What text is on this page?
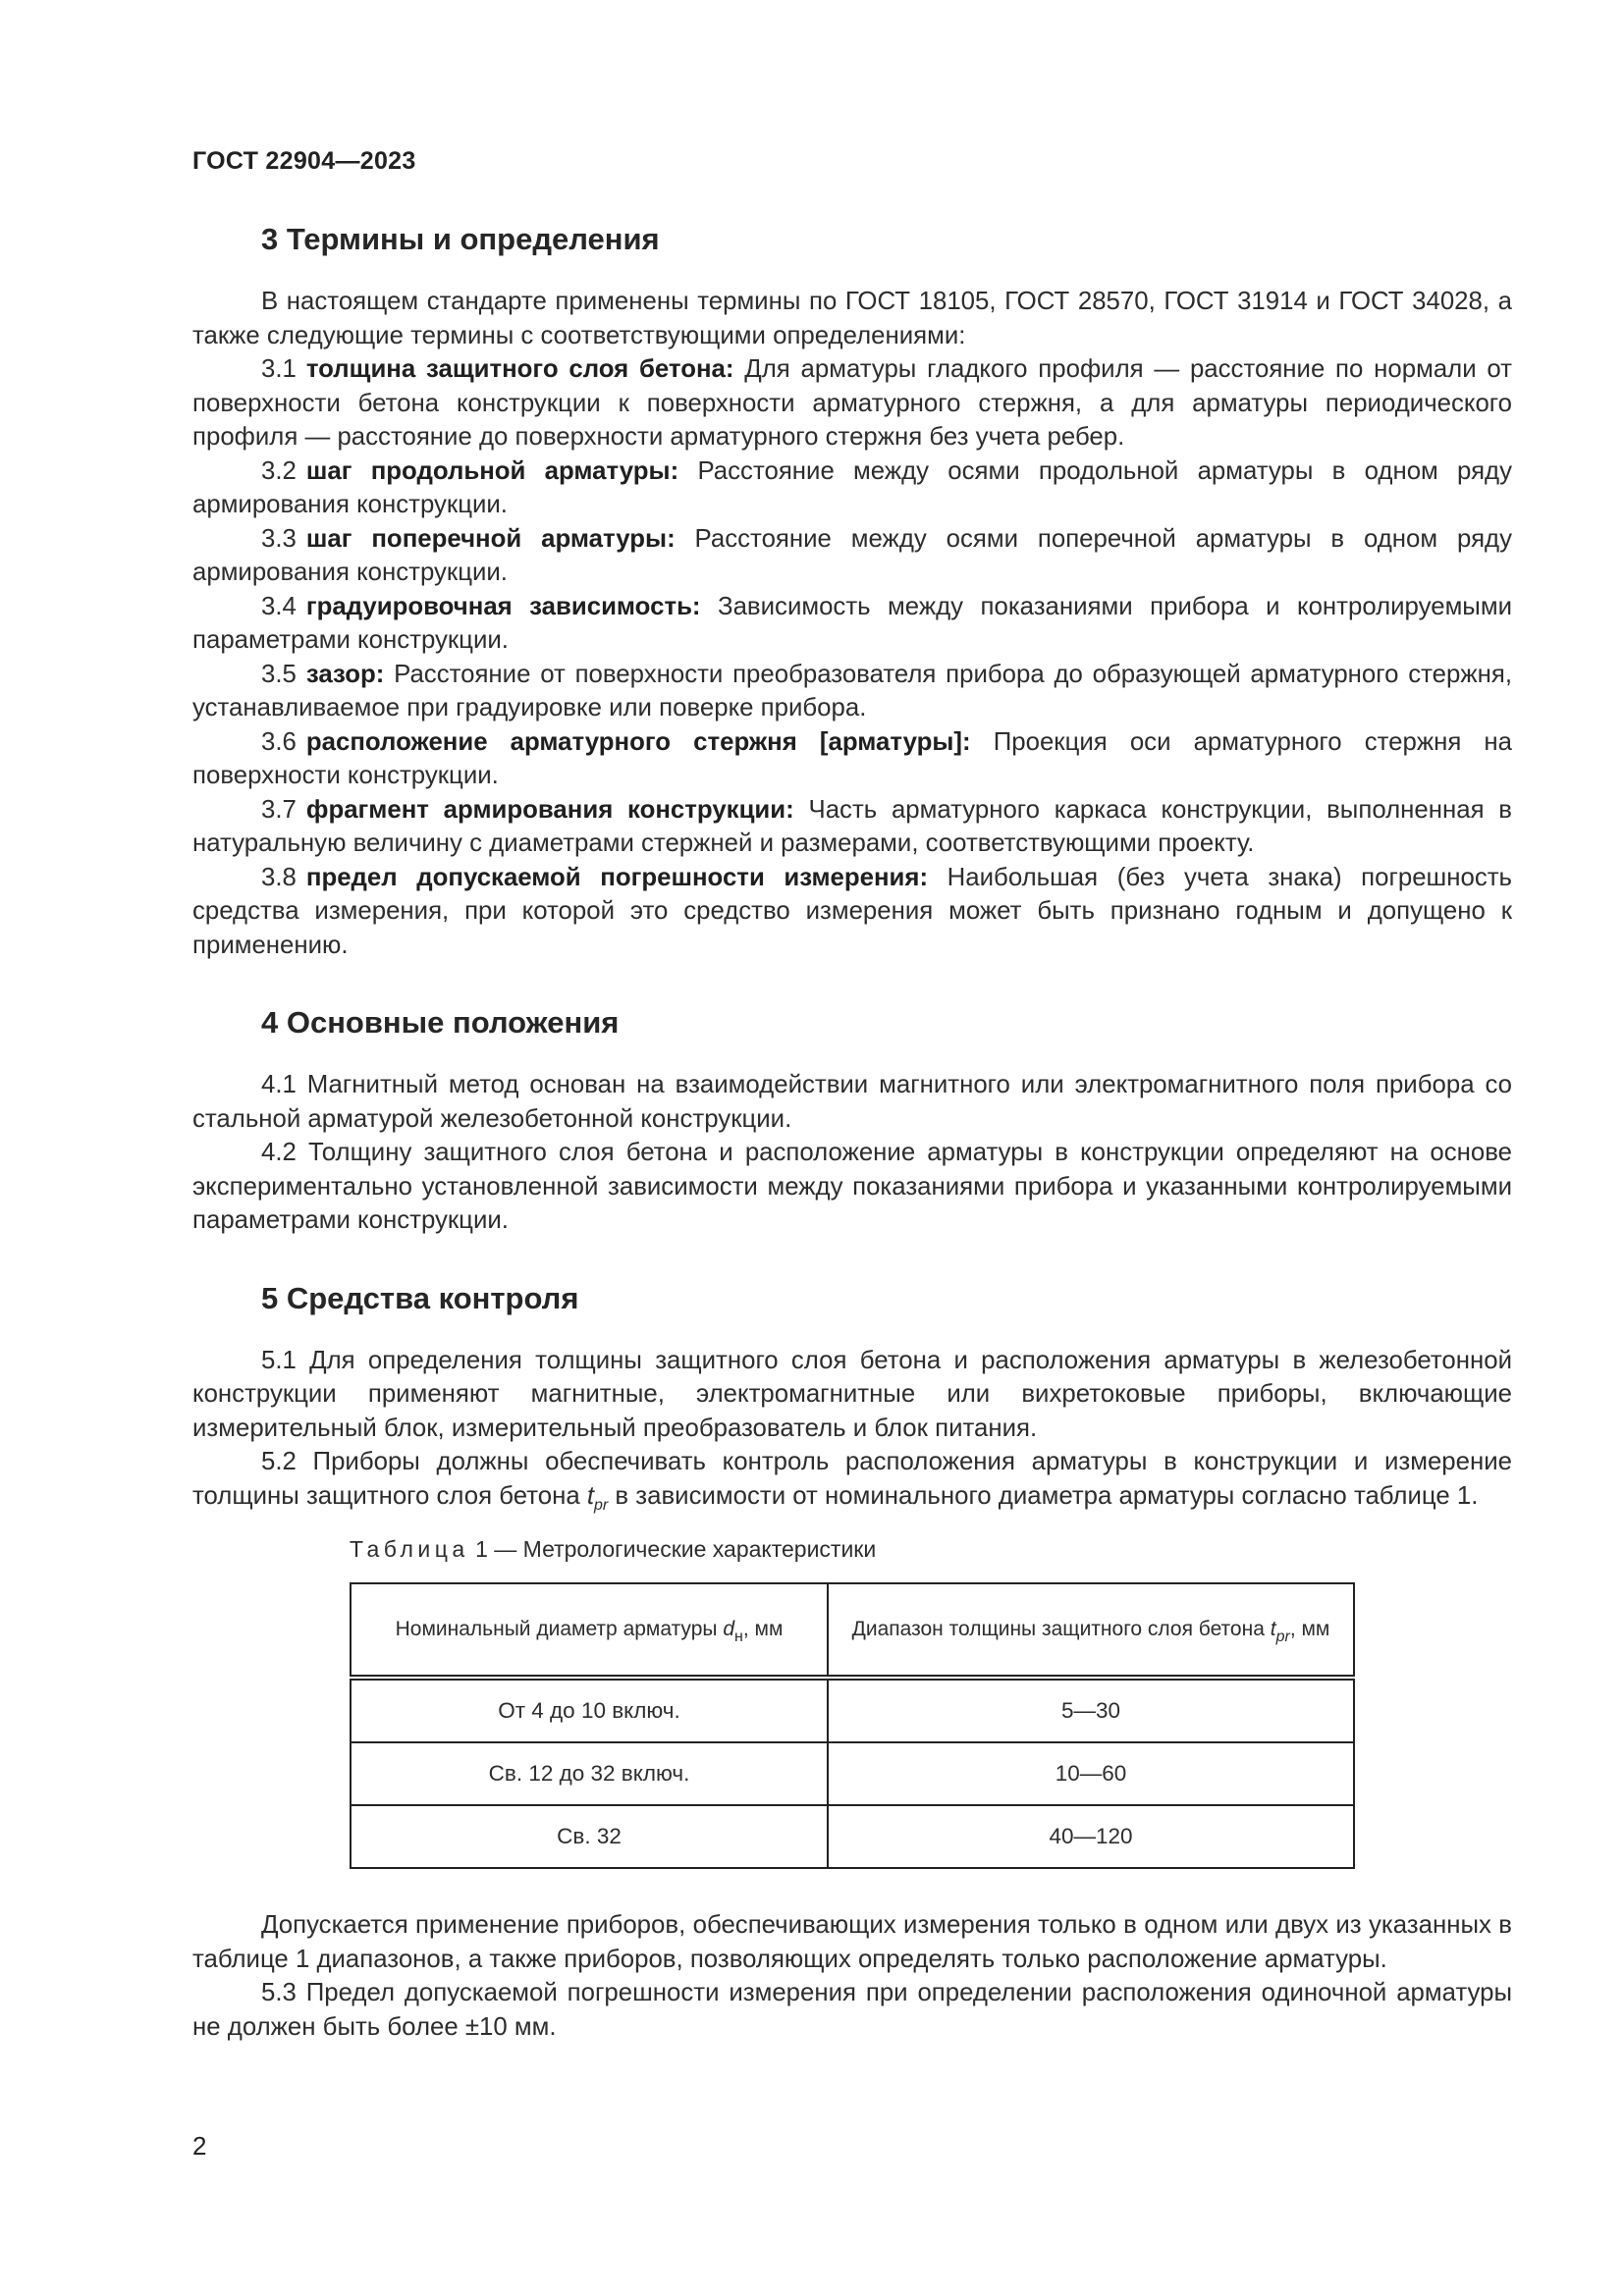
ГОСТ 22904—2023
3 Термины и определения

В настоящем стандарте применены термины по ГОСТ 18105, ГОСТ 28570, ГОСТ 31914 и ГОСТ 34028, а также следующие термины с соответствующими определениями:

3.1 толщина защитного слоя бетона: Для арматуры гладкого профиля — расстояние по нормали от поверхности бетона конструкции к поверхности арматурного стержня, а для арматуры периодического профиля — расстояние до поверхности арматурного стержня без учета ребер.

3.2 шаг продольной арматуры: Расстояние между осями продольной арматуры в одном ряду армирования конструкции.

3.3 шаг поперечной арматуры: Расстояние между осями поперечной арматуры в одном ряду армирования конструкции.

3.4 градуировочная зависимость: Зависимость между показаниями прибора и контролируемыми параметрами конструкции.

3.5 зазор: Расстояние от поверхности преобразователя прибора до образующей арматурного стержня, устанавливаемое при градуировке или поверке прибора.

3.6 расположение арматурного стержня [арматуры]: Проекция оси арматурного стержня на поверхности конструкции.

3.7 фрагмент армирования конструкции: Часть арматурного каркаса конструкции, выполненная в натуральную величину с диаметрами стержней и размерами, соответствующими проекту.

3.8 предел допускаемой погрешности измерения: Наибольшая (без учета знака) погрешность средства измерения, при которой это средство измерения может быть признано годным и допущено к применению.

4 Основные положения

4.1 Магнитный метод основан на взаимодействии магнитного или электромагнитного поля прибора со стальной арматурой железобетонной конструкции.

4.2 Толщину защитного слоя бетона и расположение арматуры в конструкции определяют на основе экспериментально установленной зависимости между показаниями прибора и указанными контролируемыми параметрами конструкции.

5 Средства контроля

5.1 Для определения толщины защитного слоя бетона и расположения арматуры в железобетонной конструкции применяют магнитные, электромагнитные или вихретоковые приборы, включающие измерительный блок, измерительный преобразователь и блок питания.

5.2 Приборы должны обеспечивать контроль расположения арматуры в конструкции и измерение толщины защитного слоя бетона $t_{pr}$ в зависимости от номинального диаметра арматуры согласно таблице 1.

Таблица 1 — Метрологические характеристики
Номинальный диаметр арматуры $d_н$, мм	Диапазон толщины защитного слоя бетона $t_{pr}$, мм
От 4 до 10 включ.	5—30
Св. 12 до 32 включ.	10—60
Св. 32	40—120

Допускается применение приборов, обеспечивающих измерения только в одном или двух из указанных в таблице 1 диапазонов, а также приборов, позволяющих определять только расположение арматуры.

5.3 Предел допускаемой погрешности измерения при определении расположения одиночной арматуры не должен быть более ±10 мм.

2
